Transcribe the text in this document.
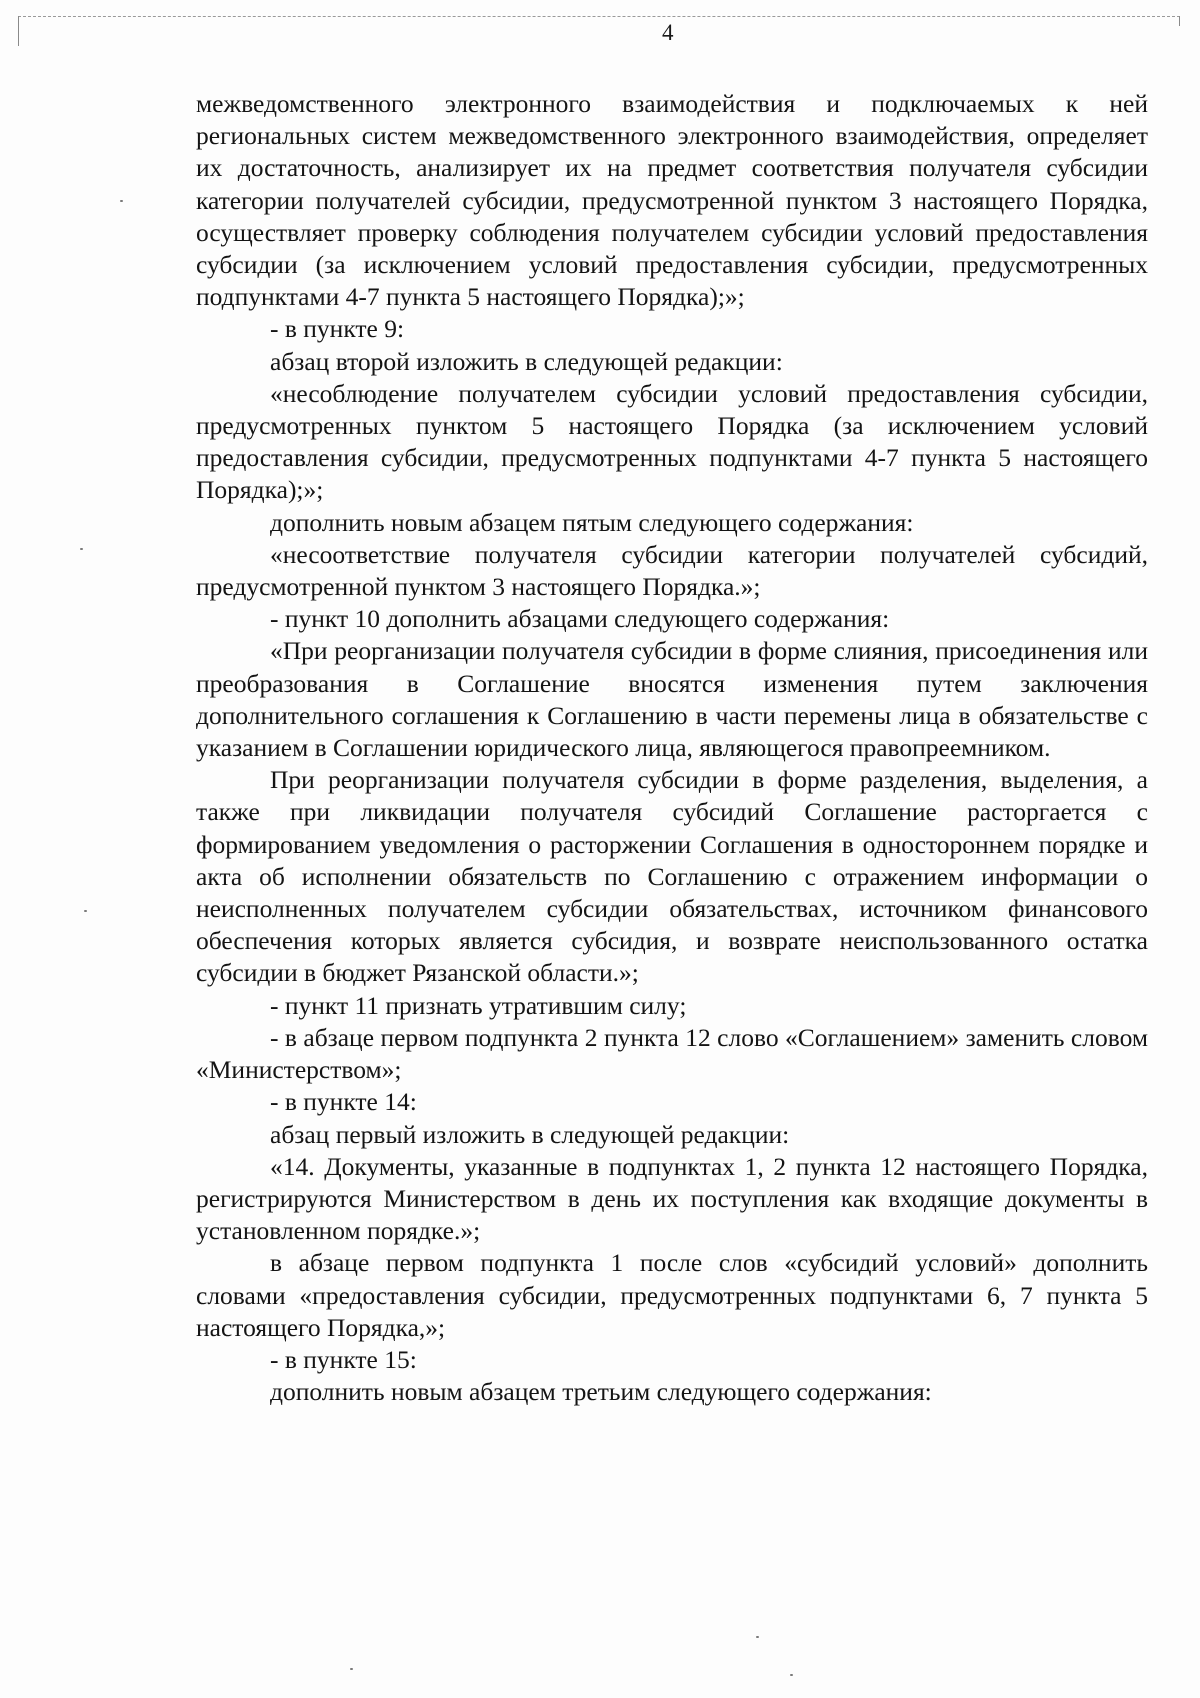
4

межведомственного электронного взаимодействия и подключаемых к ней региональных систем межведомственного электронного взаимодействия, определяет их достаточность, анализирует их на предмет соответствия получателя субсидии категории получателей субсидии, предусмотренной пунктом 3 настоящего Порядка, осуществляет проверку соблюдения получателем субсидии условий предоставления субсидии (за исключением условий предоставления субсидии, предусмотренных подпунктами 4-7 пункта 5 настоящего Порядка);»;

- в пункте 9:

абзац второй изложить в следующей редакции:

«несоблюдение получателем субсидии условий предоставления субсидии, предусмотренных пунктом 5 настоящего Порядка (за исключением условий предоставления субсидии, предусмотренных подпунктами 4-7 пункта 5 настоящего Порядка);»;

дополнить новым абзацем пятым следующего содержания:

«несоответствие получателя субсидии категории получателей субсидий, предусмотренной пунктом 3 настоящего Порядка.»;

- пункт 10 дополнить абзацами следующего содержания:

«При реорганизации получателя субсидии в форме слияния, присоединения или преобразования в Соглашение вносятся изменения путем заключения дополнительного соглашения к Соглашению в части перемены лица в обязательстве с указанием в Соглашении юридического лица, являющегося правопреемником.

При реорганизации получателя субсидии в форме разделения, выделения, а также при ликвидации получателя субсидий Соглашение расторгается с формированием уведомления о расторжении Соглашения в одностороннем порядке и акта об исполнении обязательств по Соглашению с отражением информации о неисполненных получателем субсидии обязательствах, источником финансового обеспечения которых является субсидия, и возврате неиспользованного остатка субсидии в бюджет Рязанской области.»;

- пункт 11 признать утратившим силу;

- в абзаце первом подпункта 2 пункта 12 слово «Соглашением» заменить словом «Министерством»;

- в пункте 14:

абзац первый изложить в следующей редакции:

«14. Документы, указанные в подпунктах 1, 2 пункта 12 настоящего Порядка, регистрируются Министерством в день их поступления как входящие документы в установленном порядке.»;

в абзаце первом подпункта 1 после слов «субсидий условий» дополнить словами «предоставления субсидии, предусмотренных подпунктами 6, 7 пункта 5 настоящего Порядка,»;

- в пункте 15:

дополнить новым абзацем третьим следующего содержания:
